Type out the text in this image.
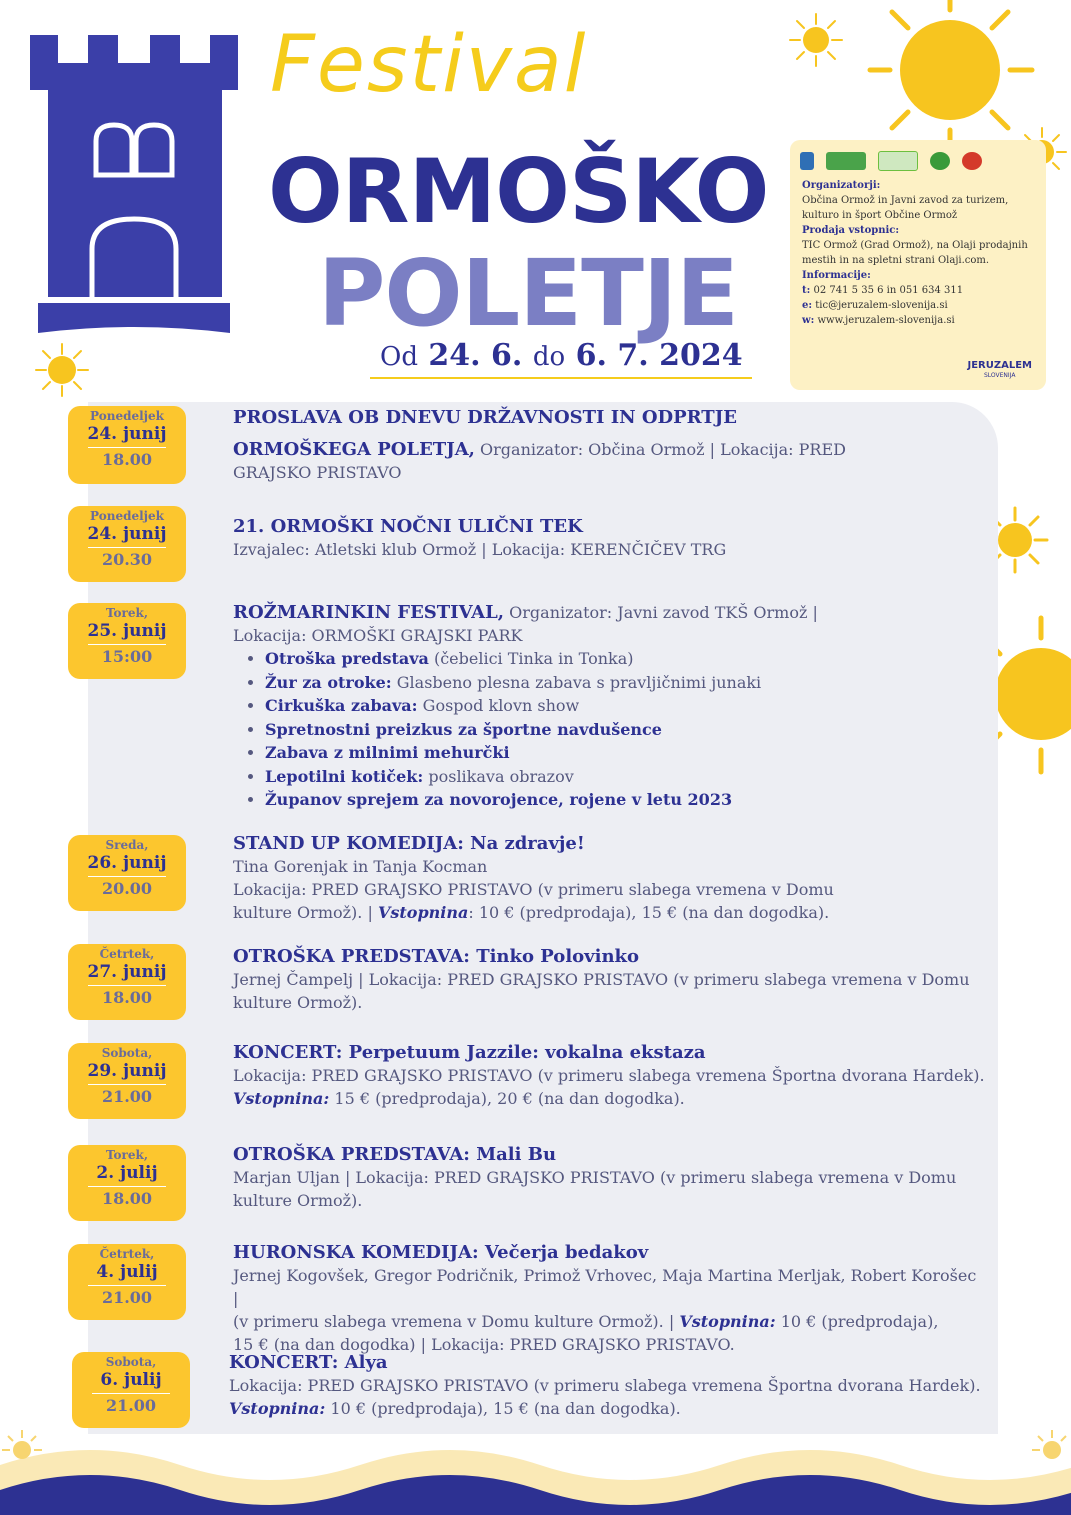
Festival
ORMOŠKO
POLETJE
Od 24. 6. do 6. 7. 2024
Organizatorji:
Občina Ormož in Javni zavod za turizem, kulturo in šport Občine Ormož
Prodaja vstopnic:
TIC Ormož (Grad Ormož), na Olaji prodajnih mestih in na spletni strani Olaji.com.
Informacije:
t: 02 741 5 35 6 in 051 634 311
e: tic@jeruzalem-slovenija.si
w: www.jeruzalem-slovenija.si
JERUZALEM
SLOVENIJA
Ponedeljek
24. junij
18.00
PROSLAVA OB DNEVU DRŽAVNOSTI IN ODPRTJE
ORMOŠKEGA POLETJA, Organizator: Občina Ormož | Lokacija: PRED
GRAJSKO PRISTAVO
Ponedeljek
24. junij
20.30
21. ORMOŠKI NOČNI ULIČNI TEK
Izvajalec: Atletski klub Ormož | Lokacija: KERENČIČEV TRG
Torek,
25. junij
15:00
ROŽMARINKIN FESTIVAL, Organizator: Javni zavod TKŠ Ormož |
Lokacija: ORMOŠKI GRAJSKI PARK
• Otroška predstava (čebelici Tinka in Tonka)
• Žur za otroke: Glasbeno plesna zabava s pravljičnimi junaki
• Cirkuška zabava: Gospod klovn show
• Spretnostni preizkus za športne navdušence
• Zabava z milnimi mehurčki
• Lepotilni kotiček: poslikava obrazov
• Županov sprejem za novorojence, rojene v letu 2023
Sreda,
26. junij
20.00
STAND UP KOMEDIJA: Na zdravje!
Tina Gorenjak in Tanja Kocman
Lokacija: PRED GRAJSKO PRISTAVO (v primeru slabega vremena v Domu
kulture Ormož). | Vstopnina: 10 € (predprodaja), 15 € (na dan dogodka).
Četrtek,
27. junij
18.00
OTROŠKA PREDSTAVA: Tinko Polovinko
Jernej Čampelj | Lokacija: PRED GRAJSKO PRISTAVO (v primeru slabega vremena v Domu
kulture Ormož).
Sobota,
29. junij
21.00
KONCERT: Perpetuum Jazzile: vokalna ekstaza
Lokacija: PRED GRAJSKO PRISTAVO (v primeru slabega vremena Športna dvorana Hardek).
Vstopnina: 15 € (predprodaja), 20 € (na dan dogodka).
Torek,
2. julij
18.00
OTROŠKA PREDSTAVA: Mali Bu
Marjan Uljan | Lokacija: PRED GRAJSKO PRISTAVO (v primeru slabega vremena v Domu
kulture Ormož).
Četrtek,
4. julij
21.00
HURONSKA KOMEDIJA: Večerja bedakov
Jernej Kogovšek, Gregor Podričnik, Primož Vrhovec, Maja Martina Merljak, Robert Korošec |
(v primeru slabega vremena v Domu kulture Ormož). | Vstopnina: 10 € (predprodaja),
15 € (na dan dogodka) | Lokacija: PRED GRAJSKO PRISTAVO.
Sobota,
6. julij
21.00
KONCERT: Alya
Lokacija: PRED GRAJSKO PRISTAVO (v primeru slabega vremena Športna dvorana Hardek).
Vstopnina: 10 € (predprodaja), 15 € (na dan dogodka).
